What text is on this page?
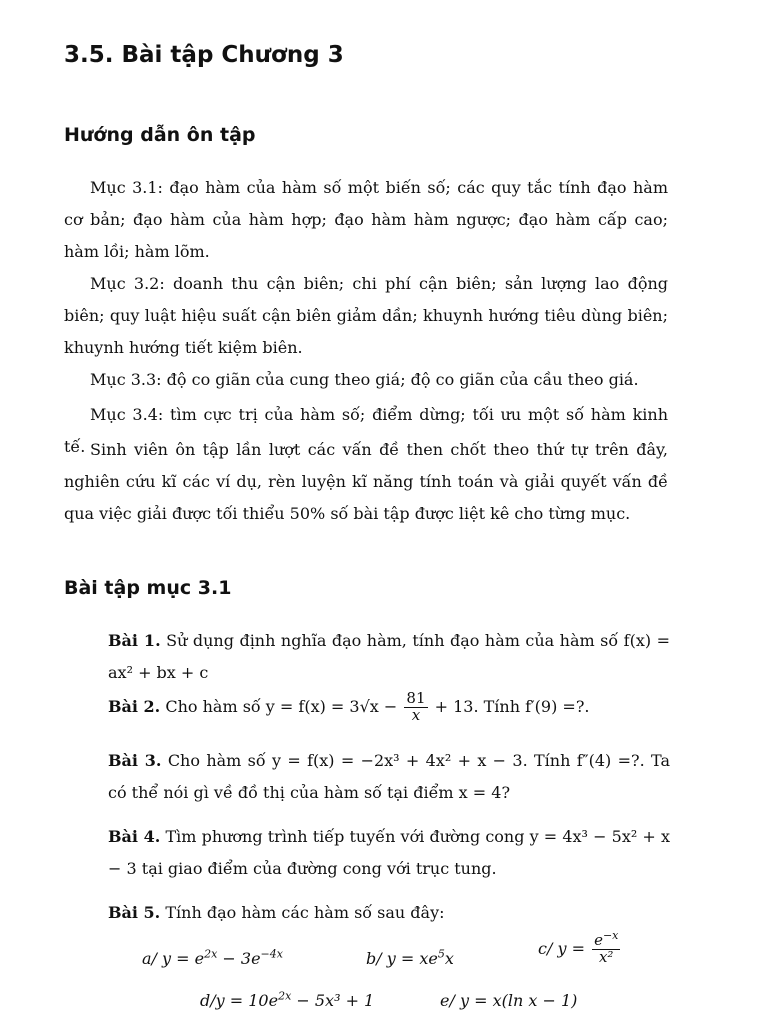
3.5. Bài tập Chương 3
Hướng dẫn ôn tập
Mục 3.1: đạo hàm của hàm số một biến số; các quy tắc tính đạo hàm cơ bản; đạo hàm của hàm hợp; đạo hàm hàm ngược; đạo hàm cấp cao; hàm lồi; hàm lõm.
Mục 3.2: doanh thu cận biên; chi phí cận biên; sản lượng lao động biên; quy luật hiệu suất cận biên giảm dần; khuynh hướng tiêu dùng biên; khuynh hướng tiết kiệm biên.
Mục 3.3: độ co giãn của cung theo giá; độ co giãn của cầu theo giá.
Mục 3.4: tìm cực trị của hàm số; điểm dừng; tối ưu một số hàm kinh tế. Sinh viên ôn tập lần lượt các vấn đề then chốt theo thứ tự trên đây, nghiên cứu kĩ các ví dụ, rèn luyện kĩ năng tính toán và giải quyết vấn đề qua việc giải được tối thiểu 50% số bài tập được liệt kê cho từng mục.
Bài tập mục 3.1
Bài 1. Sử dụng định nghĩa đạo hàm, tính đạo hàm của hàm số f(x) = ax² + bx + c
Bài 2. Cho hàm số $y = f(x) = 3√x - \frac{81}{x} + 13$. Tính f′(9) =?.
Bài 3. Cho hàm số y = f(x) = −2x³ + 4x² + x − 3. Tính f″(4) =?. Ta có thể nói gì về đồ thị của hàm số tại điểm x = 4?
Bài 4. Tìm phương trình tiếp tuyến với đường cong y = 4x³ − 5x² + x − 3 tại giao điểm của đường cong với trục tung.
Bài 5. Tính đạo hàm các hàm số sau đây:
a/ $y = e^{2x} - 3e^{-4x}$	b/ $y = xe^5x$
c/ $y = \frac{e^{-x}}{\text{x²}}$
$d/y = 10e^{2x} - 5x^3 + 1$	e/ y = x(ln x − 1)
